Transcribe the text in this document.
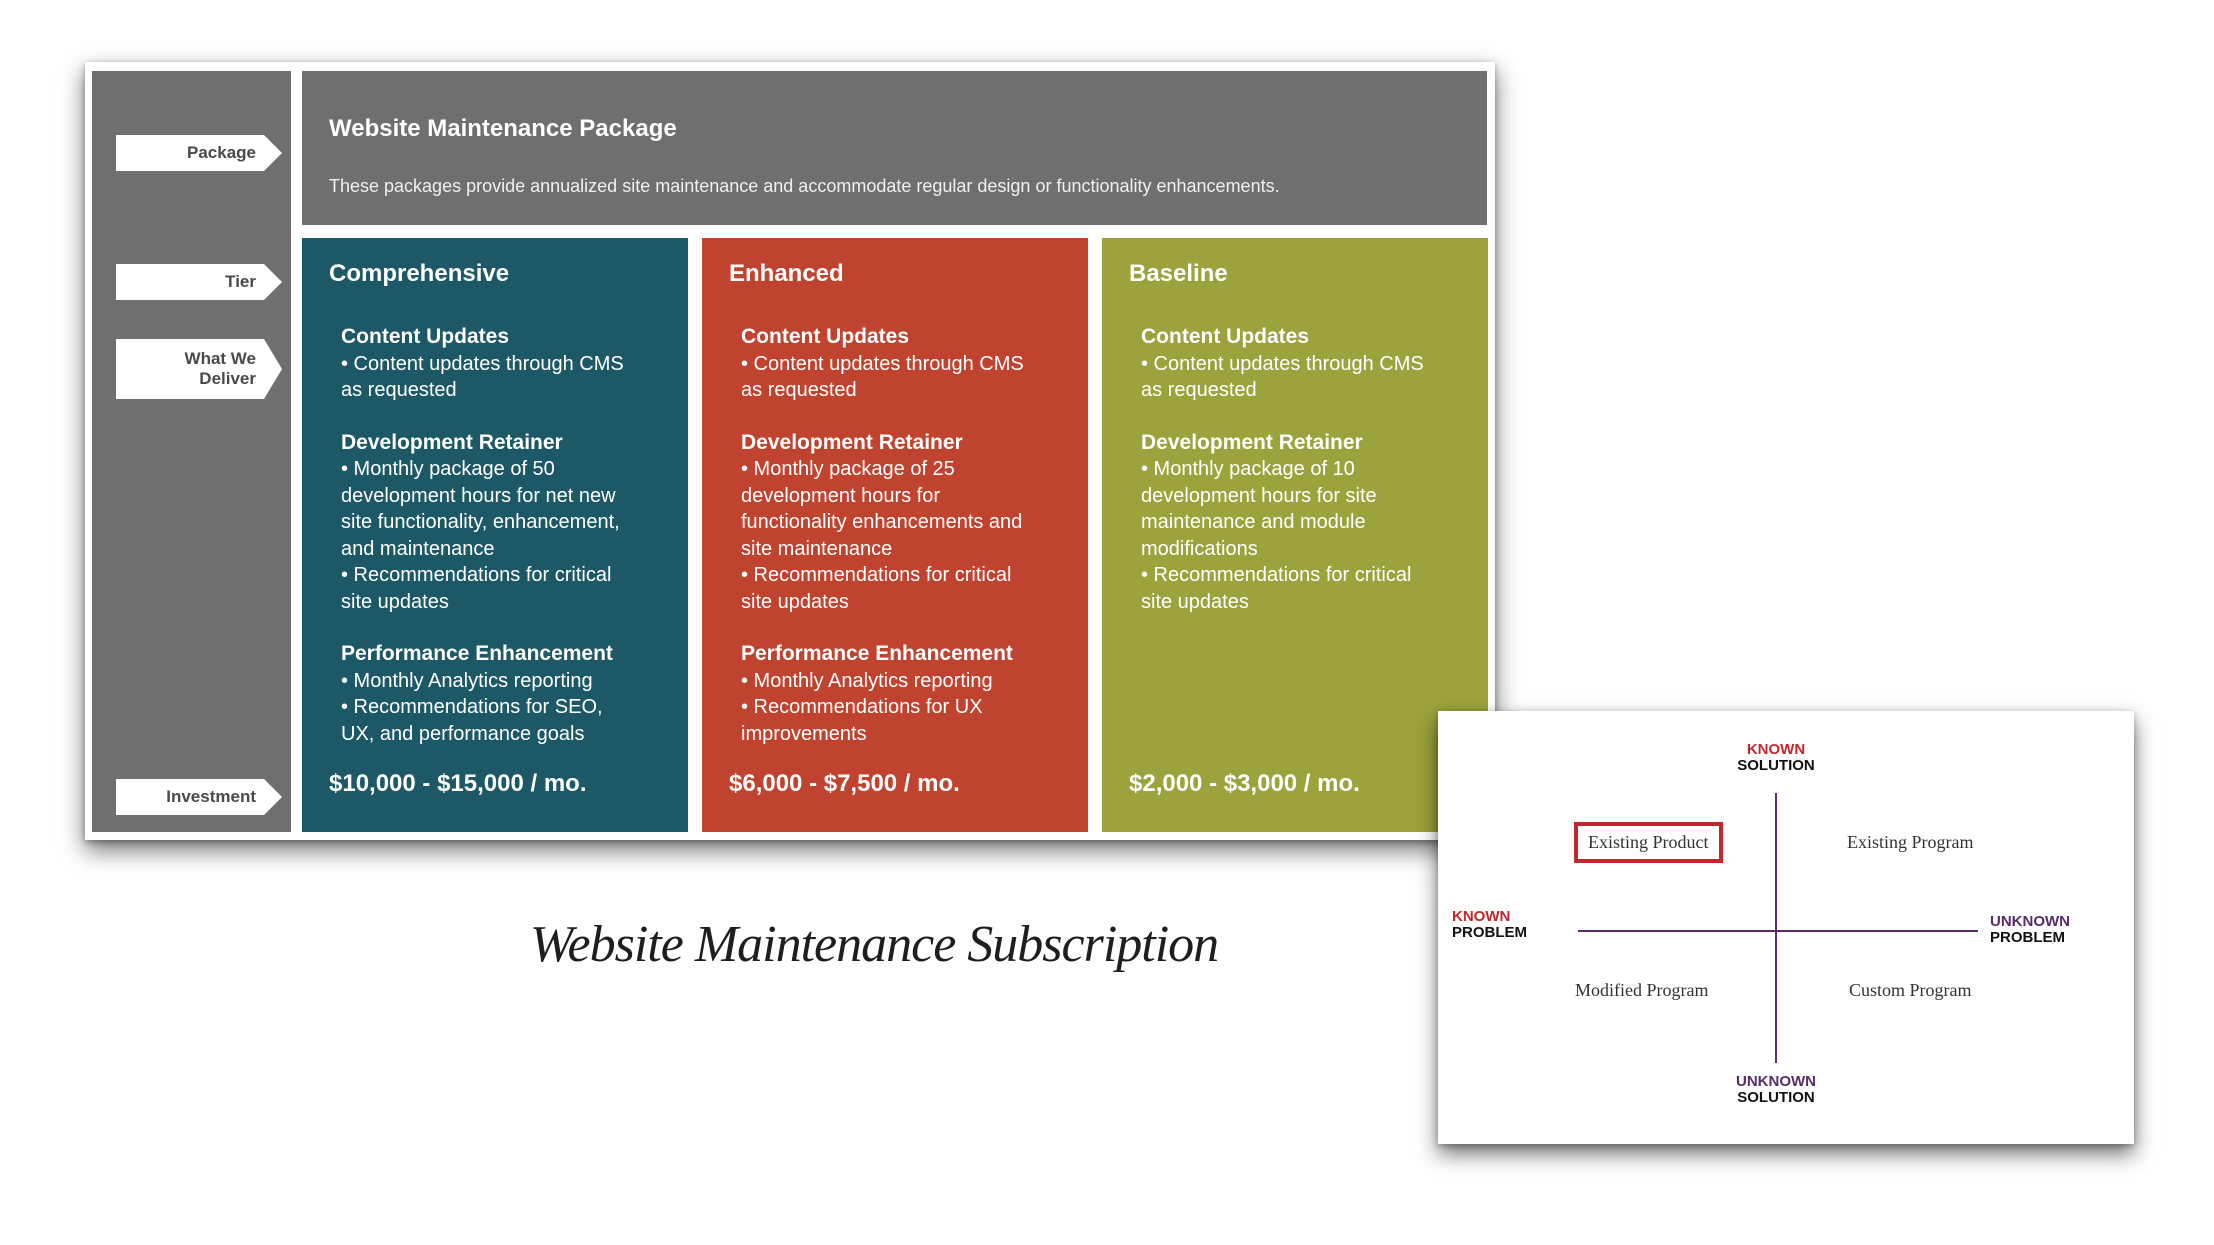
Package
Tier
What We
Deliver
Investment
Website Maintenance Package
These packages provide annualized site maintenance and accommodate regular design or functionality enhancements.
Comprehensive
Content Updates
• Content updates through CMS
as requested
Development Retainer
• Monthly package of 50
development hours for net new
site functionality, enhancement,
and maintenance
• Recommendations for critical
site updates
Performance Enhancement
• Monthly Analytics reporting
• Recommendations for SEO,
UX, and performance goals
$10,000 - $15,000 / mo.
Enhanced
Content Updates
• Content updates through CMS
as requested
Development Retainer
• Monthly package of 25
development hours for
functionality enhancements and
site maintenance
• Recommendations for critical
site updates
Performance Enhancement
• Monthly Analytics reporting
• Recommendations for UX
improvements
$6,000 - $7,500 / mo.
Baseline
Content Updates
• Content updates through CMS
as requested
Development Retainer
• Monthly package of 10
development hours for site
maintenance and module
modifications
• Recommendations for critical
site updates
$2,000 - $3,000 / mo.
Website Maintenance Subscription
KNOWN
SOLUTION
UNKNOWN
SOLUTION
KNOWN
PROBLEM
UNKNOWN
PROBLEM
Existing Product	Existing Program
Modified Program	Custom Program
